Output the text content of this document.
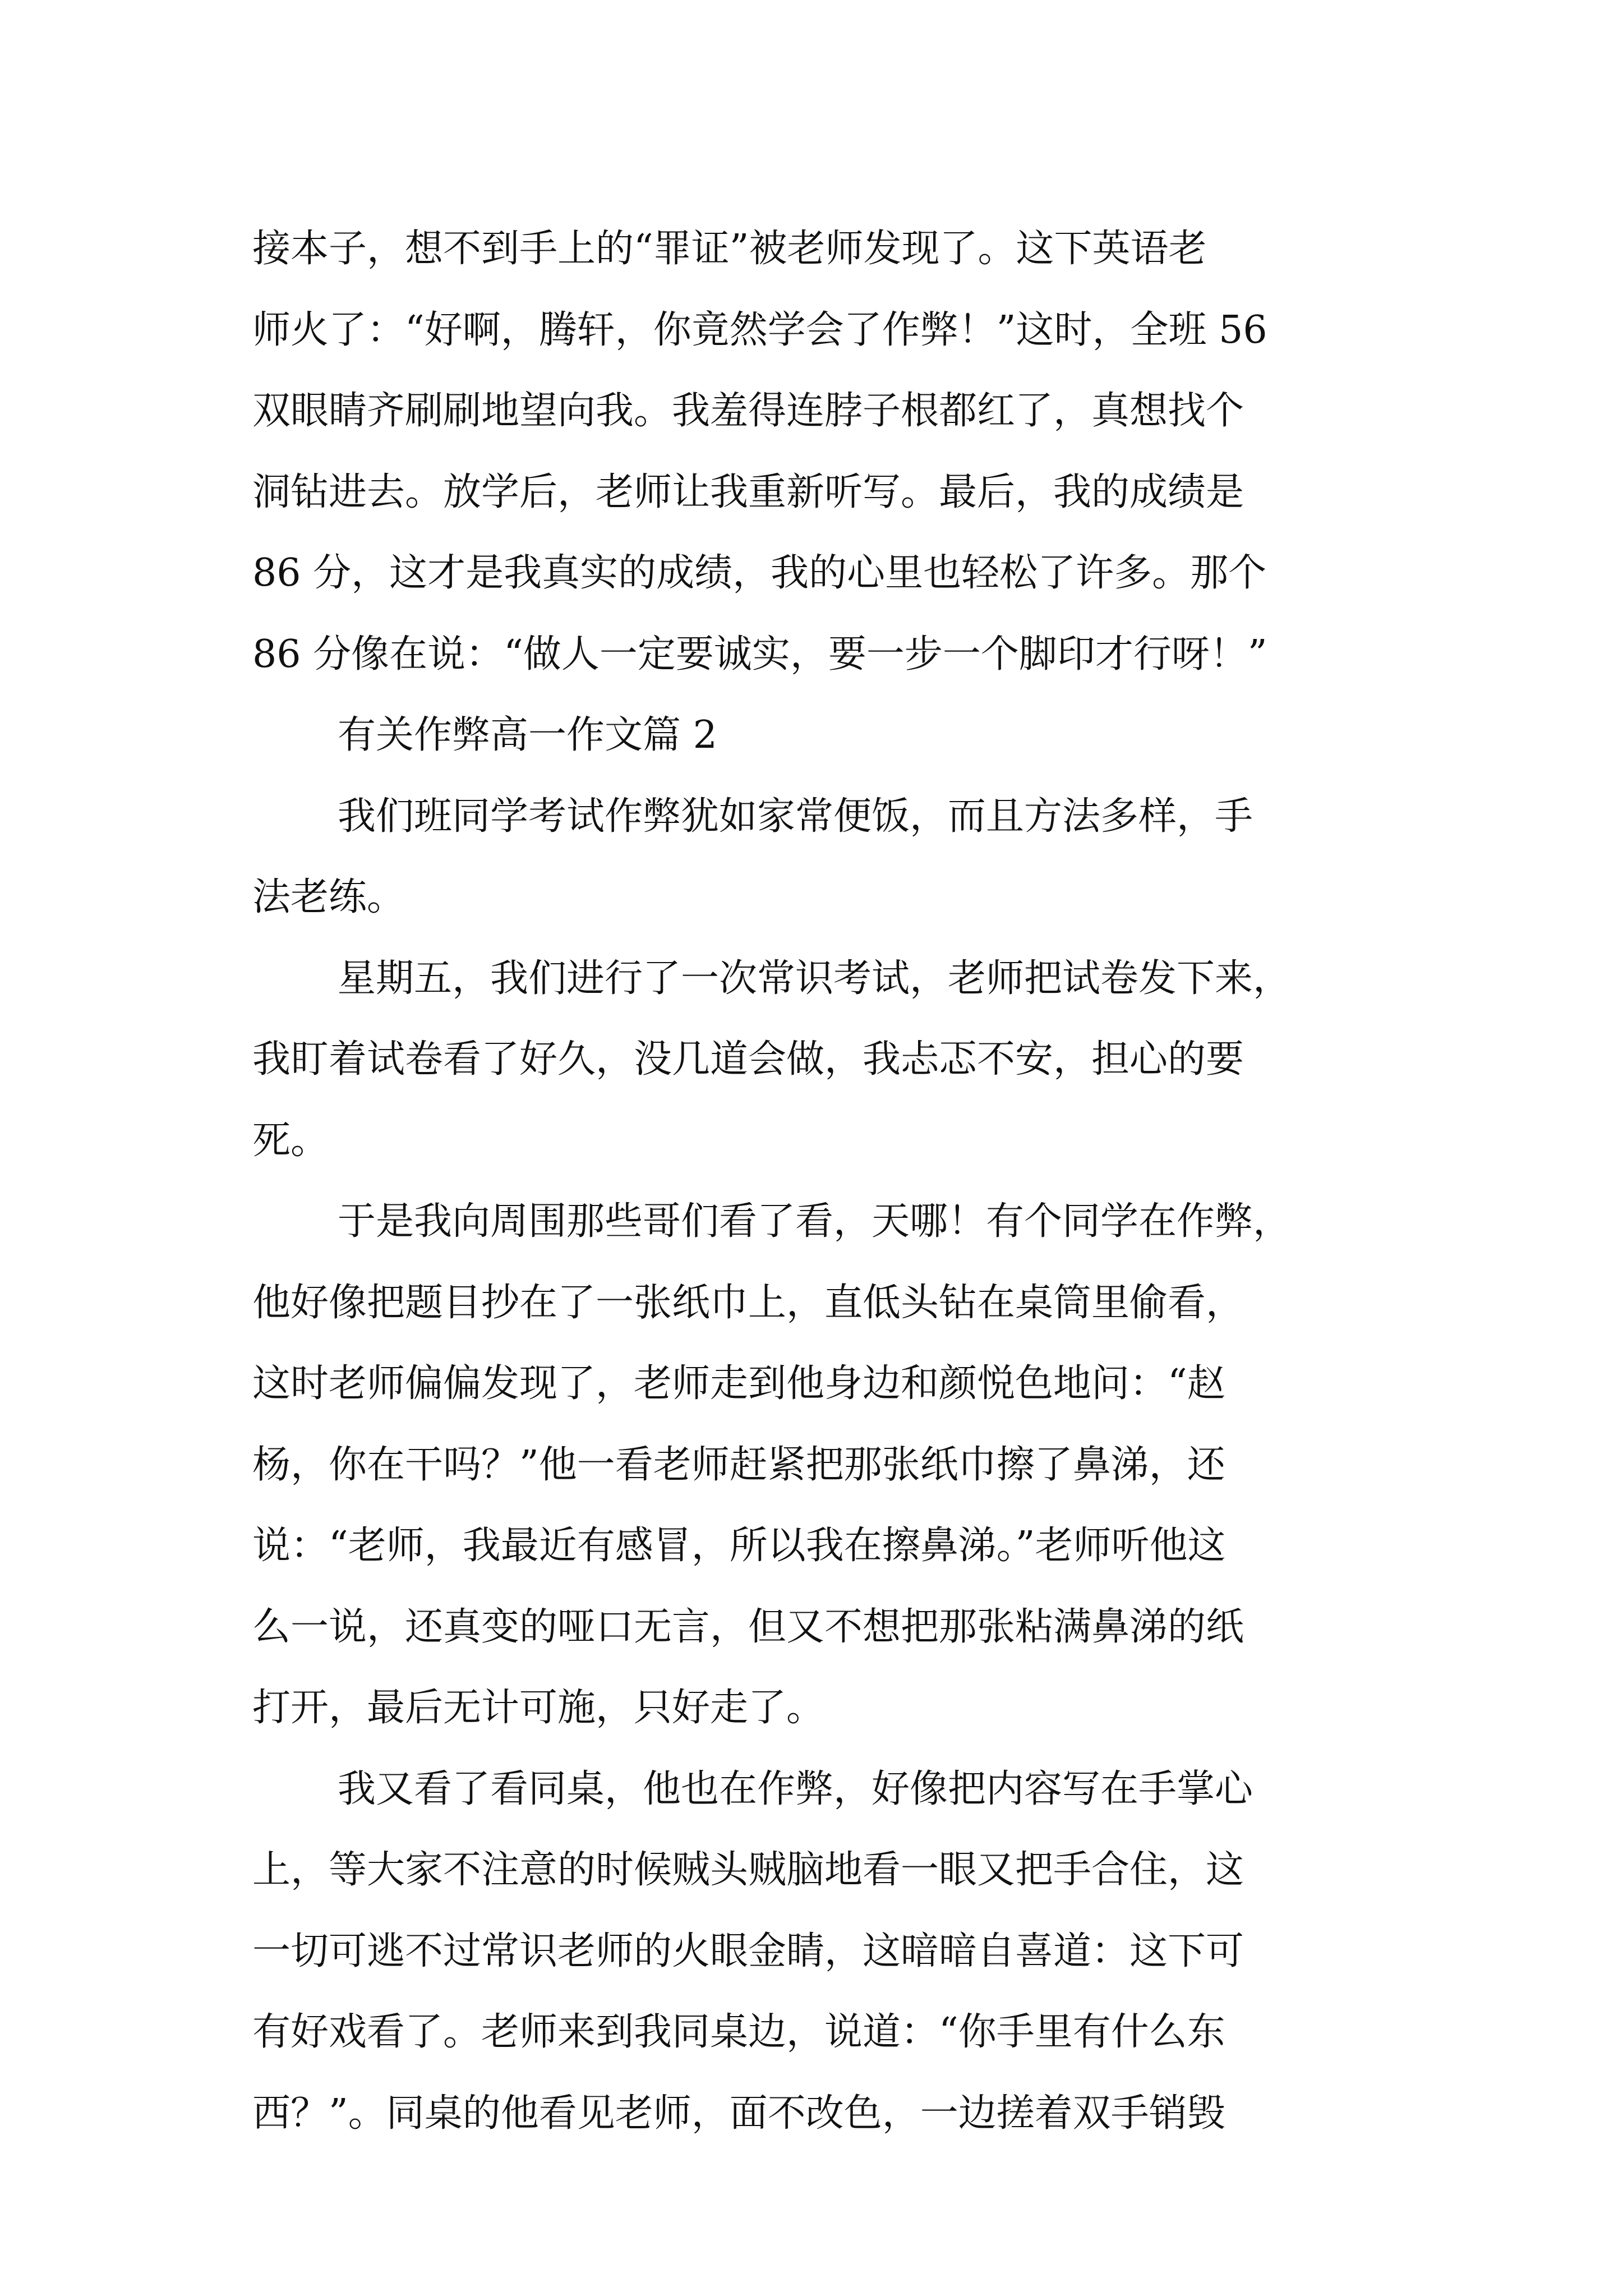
接本子，想不到手上的“罪证”被老师发现了。这下英语老
师火了：“好啊，腾轩，你竟然学会了作弊！”这时，全班 56
双眼睛齐刷刷地望向我。我羞得连脖子根都红了，真想找个
洞钻进去。放学后，老师让我重新听写。最后，我的成绩是
86 分，这才是我真实的成绩，我的心里也轻松了许多。那个
86 分像在说：“做人一定要诚实，要一步一个脚印才行呀！”
有关作弊高一作文篇 2
我们班同学考试作弊犹如家常便饭，而且方法多样，手
法老练。
星期五，我们进行了一次常识考试，老师把试卷发下来，
我盯着试卷看了好久，没几道会做，我忐忑不安，担心的要
死。
于是我向周围那些哥们看了看，天哪！有个同学在作弊，
他好像把题目抄在了一张纸巾上，直低头钻在桌筒里偷看，
这时老师偏偏发现了，老师走到他身边和颜悦色地问：“赵
杨，你在干吗？”他一看老师赶紧把那张纸巾擦了鼻涕，还
说：“老师，我最近有感冒，所以我在擦鼻涕。”老师听他这
么一说，还真变的哑口无言，但又不想把那张粘满鼻涕的纸
打开，最后无计可施，只好走了。
我又看了看同桌，他也在作弊，好像把内容写在手掌心
上，等大家不注意的时候贼头贼脑地看一眼又把手合住，这
一切可逃不过常识老师的火眼金睛，这暗暗自喜道：这下可
有好戏看了。老师来到我同桌边，说道：“你手里有什么东
西？”。同桌的他看见老师，面不改色，一边搓着双手销毁
